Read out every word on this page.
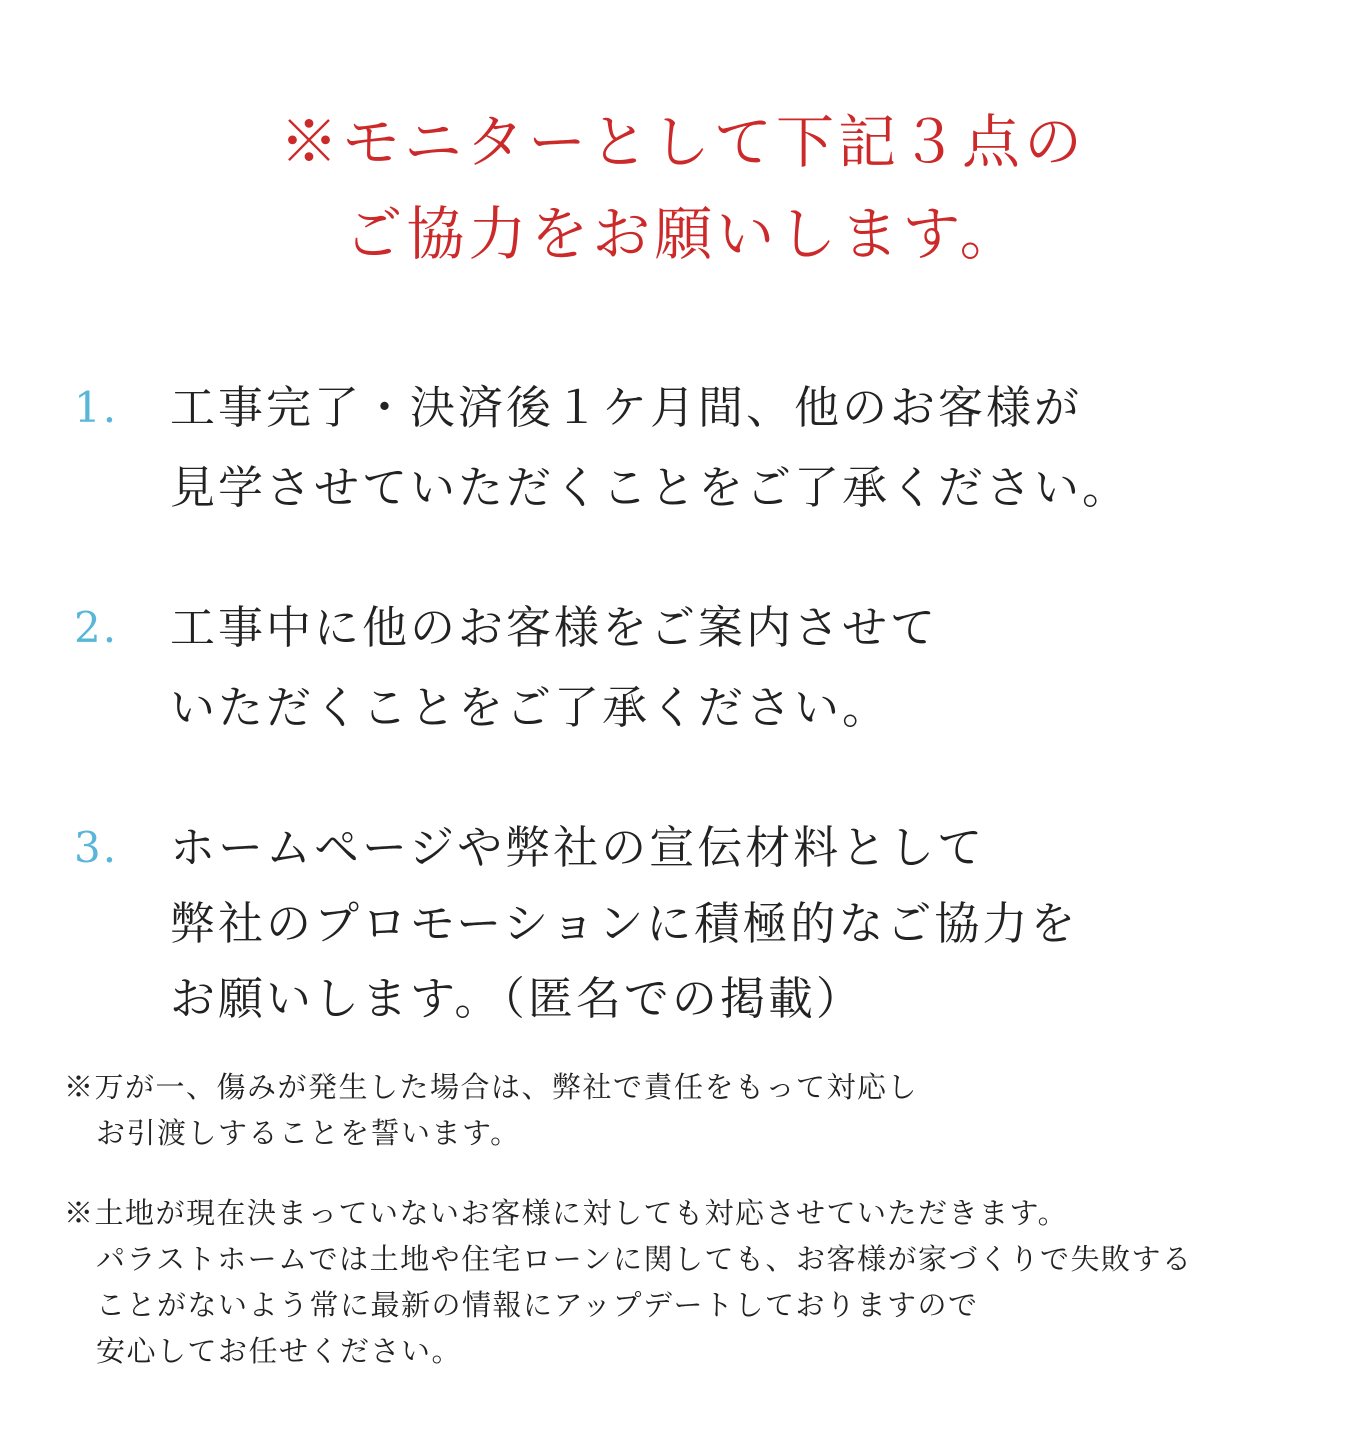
※モニターとして下記３点の
ご協力をお願いします。
1. 工事完了・決済後１ケ月間、他のお客様が
見学させていただくことをご了承ください。
2. 工事中に他のお客様をご案内させて
いただくことをご了承ください。
3. ホームページや弊社の宣伝材料として
弊社のプロモーションに積極的なご協力を
お願いします。（匿名での掲載）
※万が一、傷みが発生した場合は、弊社で責任をもって対応し
お引渡しすることを誓います。
※土地が現在決まっていないお客様に対しても対応させていただきます。
パラストホームでは土地や住宅ローンに関しても、お客様が家づくりで失敗する
ことがないよう常に最新の情報にアップデートしておりますので
安心してお任せください。
